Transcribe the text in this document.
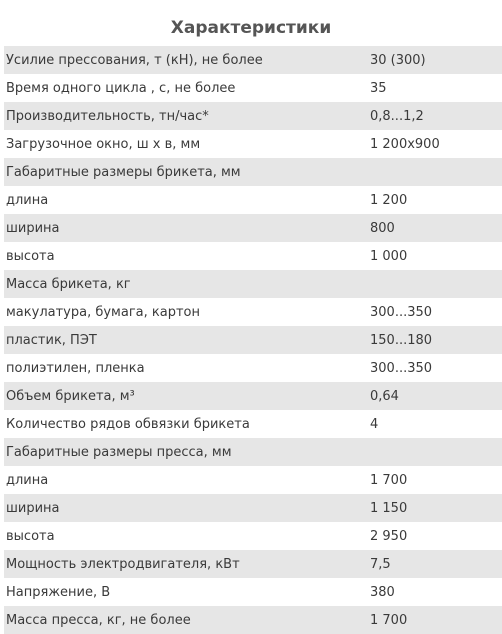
Характеристики
Усилие прессования, т (кН), не более	30 (300)
Время одного цикла , с, не более	35
Производительность, тн/час*	0,8...1,2
Загрузочное окно, ш х в, мм	1 200х900
Габаритные размеры брикета, мм	
длина	1 200
ширина	800
высота	1 000
Масса брикета, кг	
макулатура, бумага, картон	300...350
пластик, ПЭТ	150...180
полиэтилен, пленка	300...350
Объем брикета, м³	0,64
Количество рядов обвязки брикета	4
Габаритные размеры пресса, мм	
длина	1 700
ширина	1 150
высота	2 950
Мощность электродвигателя, кВт	7,5
Напряжение, В	380
Масса пресса, кг, не более	1 700
